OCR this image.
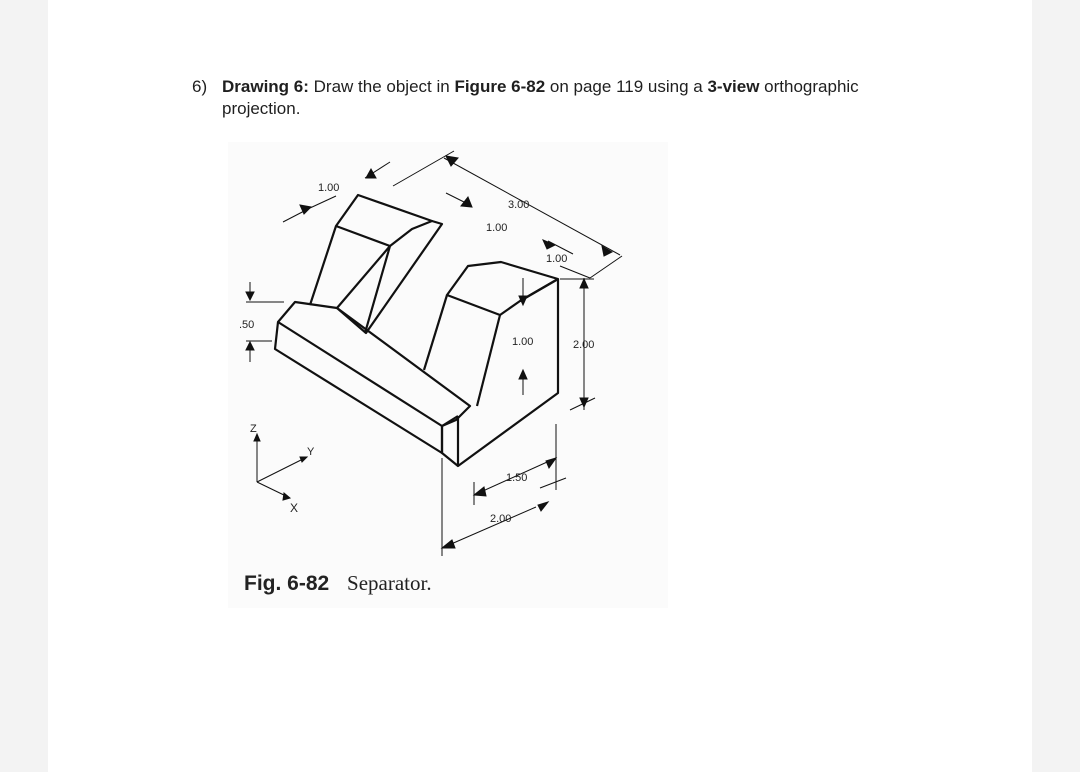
6) Drawing 6: Draw the object in Figure 6-82 on page 119 using a 3-view orthographic
projection.
1.00
3.00
1.00
1.00
.50
1.00	2.00
1.50
2.00
Z
Y
X
Fig. 6-82 Separator.
